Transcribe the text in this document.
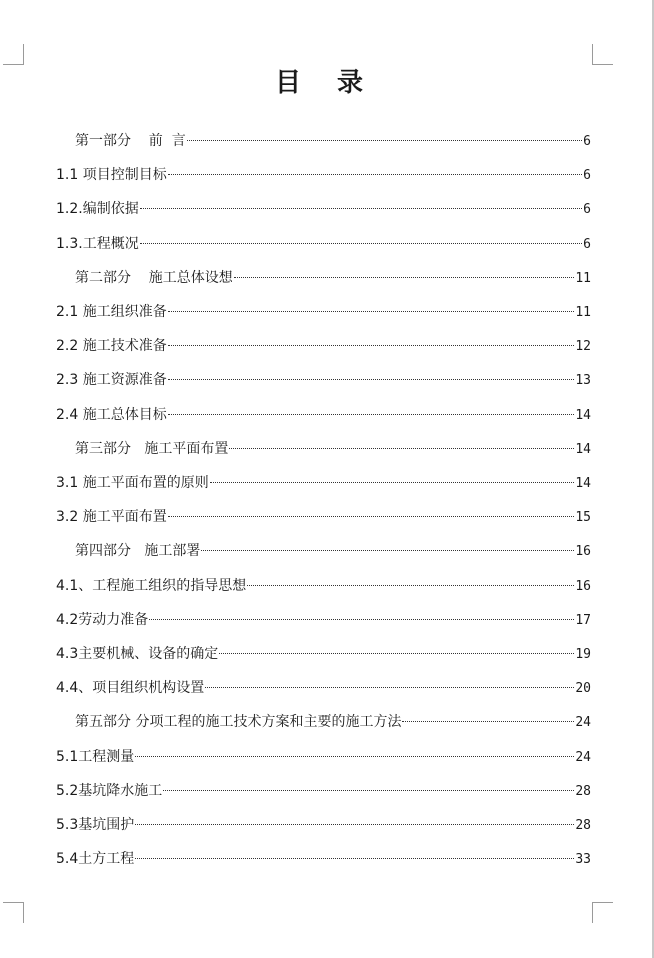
目录
第一部分    前  言	6
1.1 项目控制目标	6
1.2.编制依据	6
1.3.工程概况	6
第二部分    施工总体设想	11
2.1 施工组织准备	11
2.2 施工技术准备	12
2.3 施工资源准备	13
2.4 施工总体目标	14
第三部分   施工平面布置	14
3.1 施工平面布置的原则	14
3.2 施工平面布置	15
第四部分   施工部署	16
4.1、工程施工组织的指导思想	16
4.2劳动力准备	17
4.3主要机械、设备的确定	19
4.4、项目组织机构设置	20
第五部分 分项工程的施工技术方案和主要的施工方法	24
5.1工程测量	24
5.2基坑降水施工	28
5.3基坑围护	28
5.4土方工程	33
